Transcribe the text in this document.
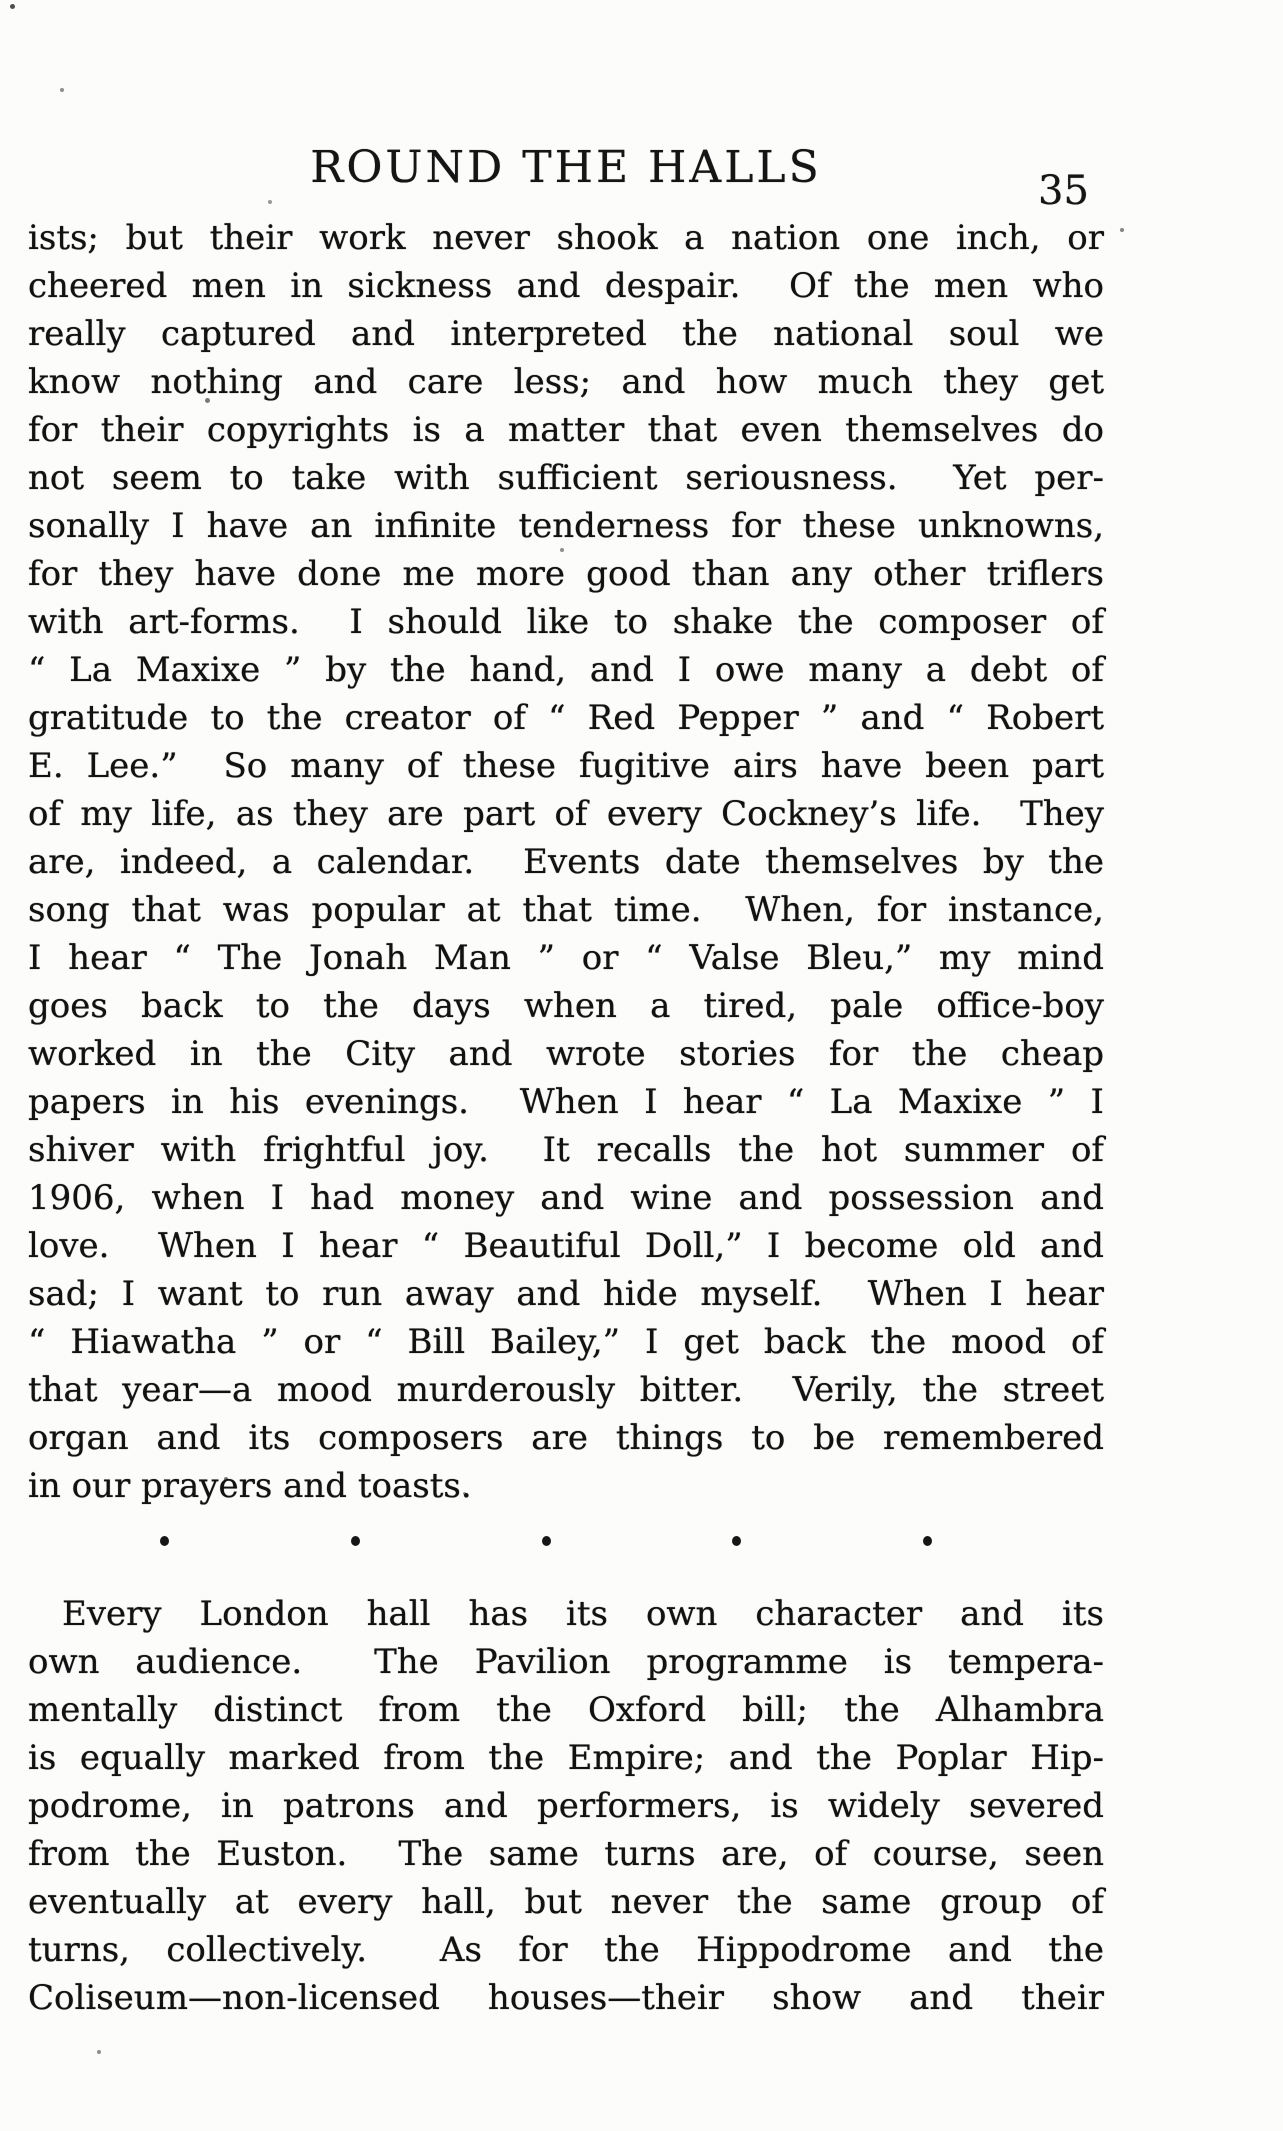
ROUND THE HALLS	35
ists; but their work never shook a nation one inch, or
cheered men in sickness and despair.  Of the men who
really captured and interpreted the national soul we
know nothing and care less; and how much they get
for their copyrights is a matter that even themselves do
not seem to take with sufficient seriousness.  Yet per-
sonally I have an infinite tenderness for these unknowns,
for they have done me more good than any other triflers
with art-forms.  I should like to shake the composer of
“ La Maxixe ” by the hand, and I owe many a debt of
gratitude to the creator of “ Red Pepper ” and “ Robert
E. Lee.”  So many of these fugitive airs have been part
of my life, as they are part of every Cockney’s life.  They
are, indeed, a calendar.  Events date themselves by the
song that was popular at that time.  When, for instance,
I hear “ The Jonah Man ” or “ Valse Bleu,” my mind
goes back to the days when a tired, pale office-boy
worked in the City and wrote stories for the cheap
papers in his evenings.  When I hear “ La Maxixe ” I
shiver with frightful joy.  It recalls the hot summer of
1906, when I had money and wine and possession and
love.  When I hear “ Beautiful Doll,” I become old and
sad; I want to run away and hide myself.  When I hear
“ Hiawatha ” or “ Bill Bailey,” I get back the mood of
that year—a mood murderously bitter.  Verily, the street
organ and its composers are things to be remembered
in our prayers and toasts.
Every London hall has its own character and its
own audience.  The Pavilion programme is tempera-
mentally distinct from the Oxford bill; the Alhambra
is equally marked from the Empire; and the Poplar Hip-
podrome, in patrons and performers, is widely severed
from the Euston.  The same turns are, of course, seen
eventually at every hall, but never the same group of
turns, collectively.  As for the Hippodrome and the
Coliseum—non-licensed houses—their show and their
